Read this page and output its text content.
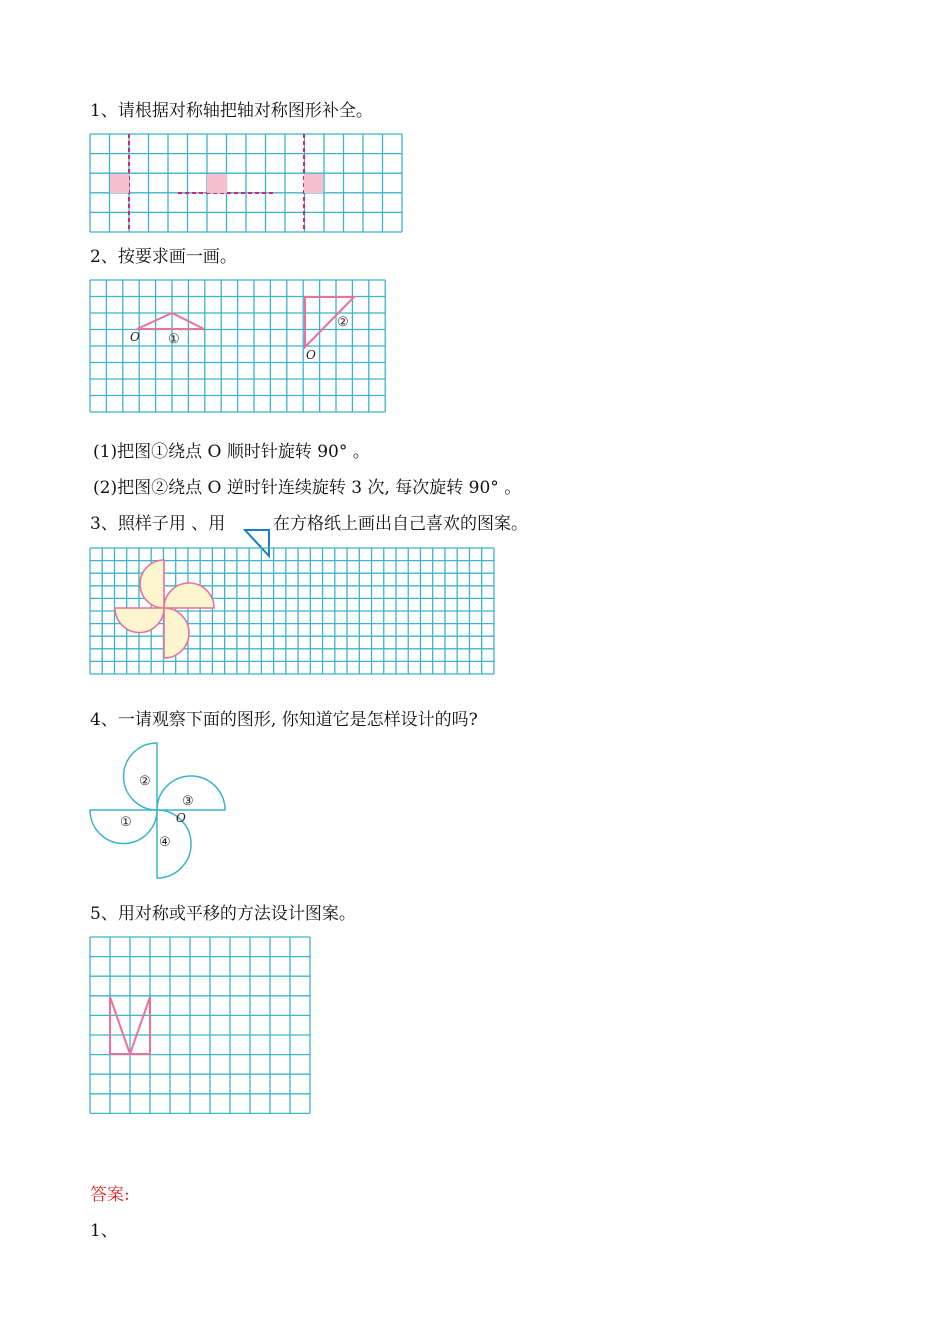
1、请根据对称轴把轴对称图形补全。
2、按要求画一画。
O ①
②
O
(1)把图①绕点 O 顺时针旋转 90° 。
(2)把图②绕点 O 逆时针连续旋转 3 次, 每次旋转 90° 。
3、照样子用 、用	在方格纸上画出自己喜欢的图案。
4、一请观察下面的图形, 你知道它是怎样设计的吗?
②
③
①	O
④
5、用对称或平移的方法设计图案。
答案:
1、
